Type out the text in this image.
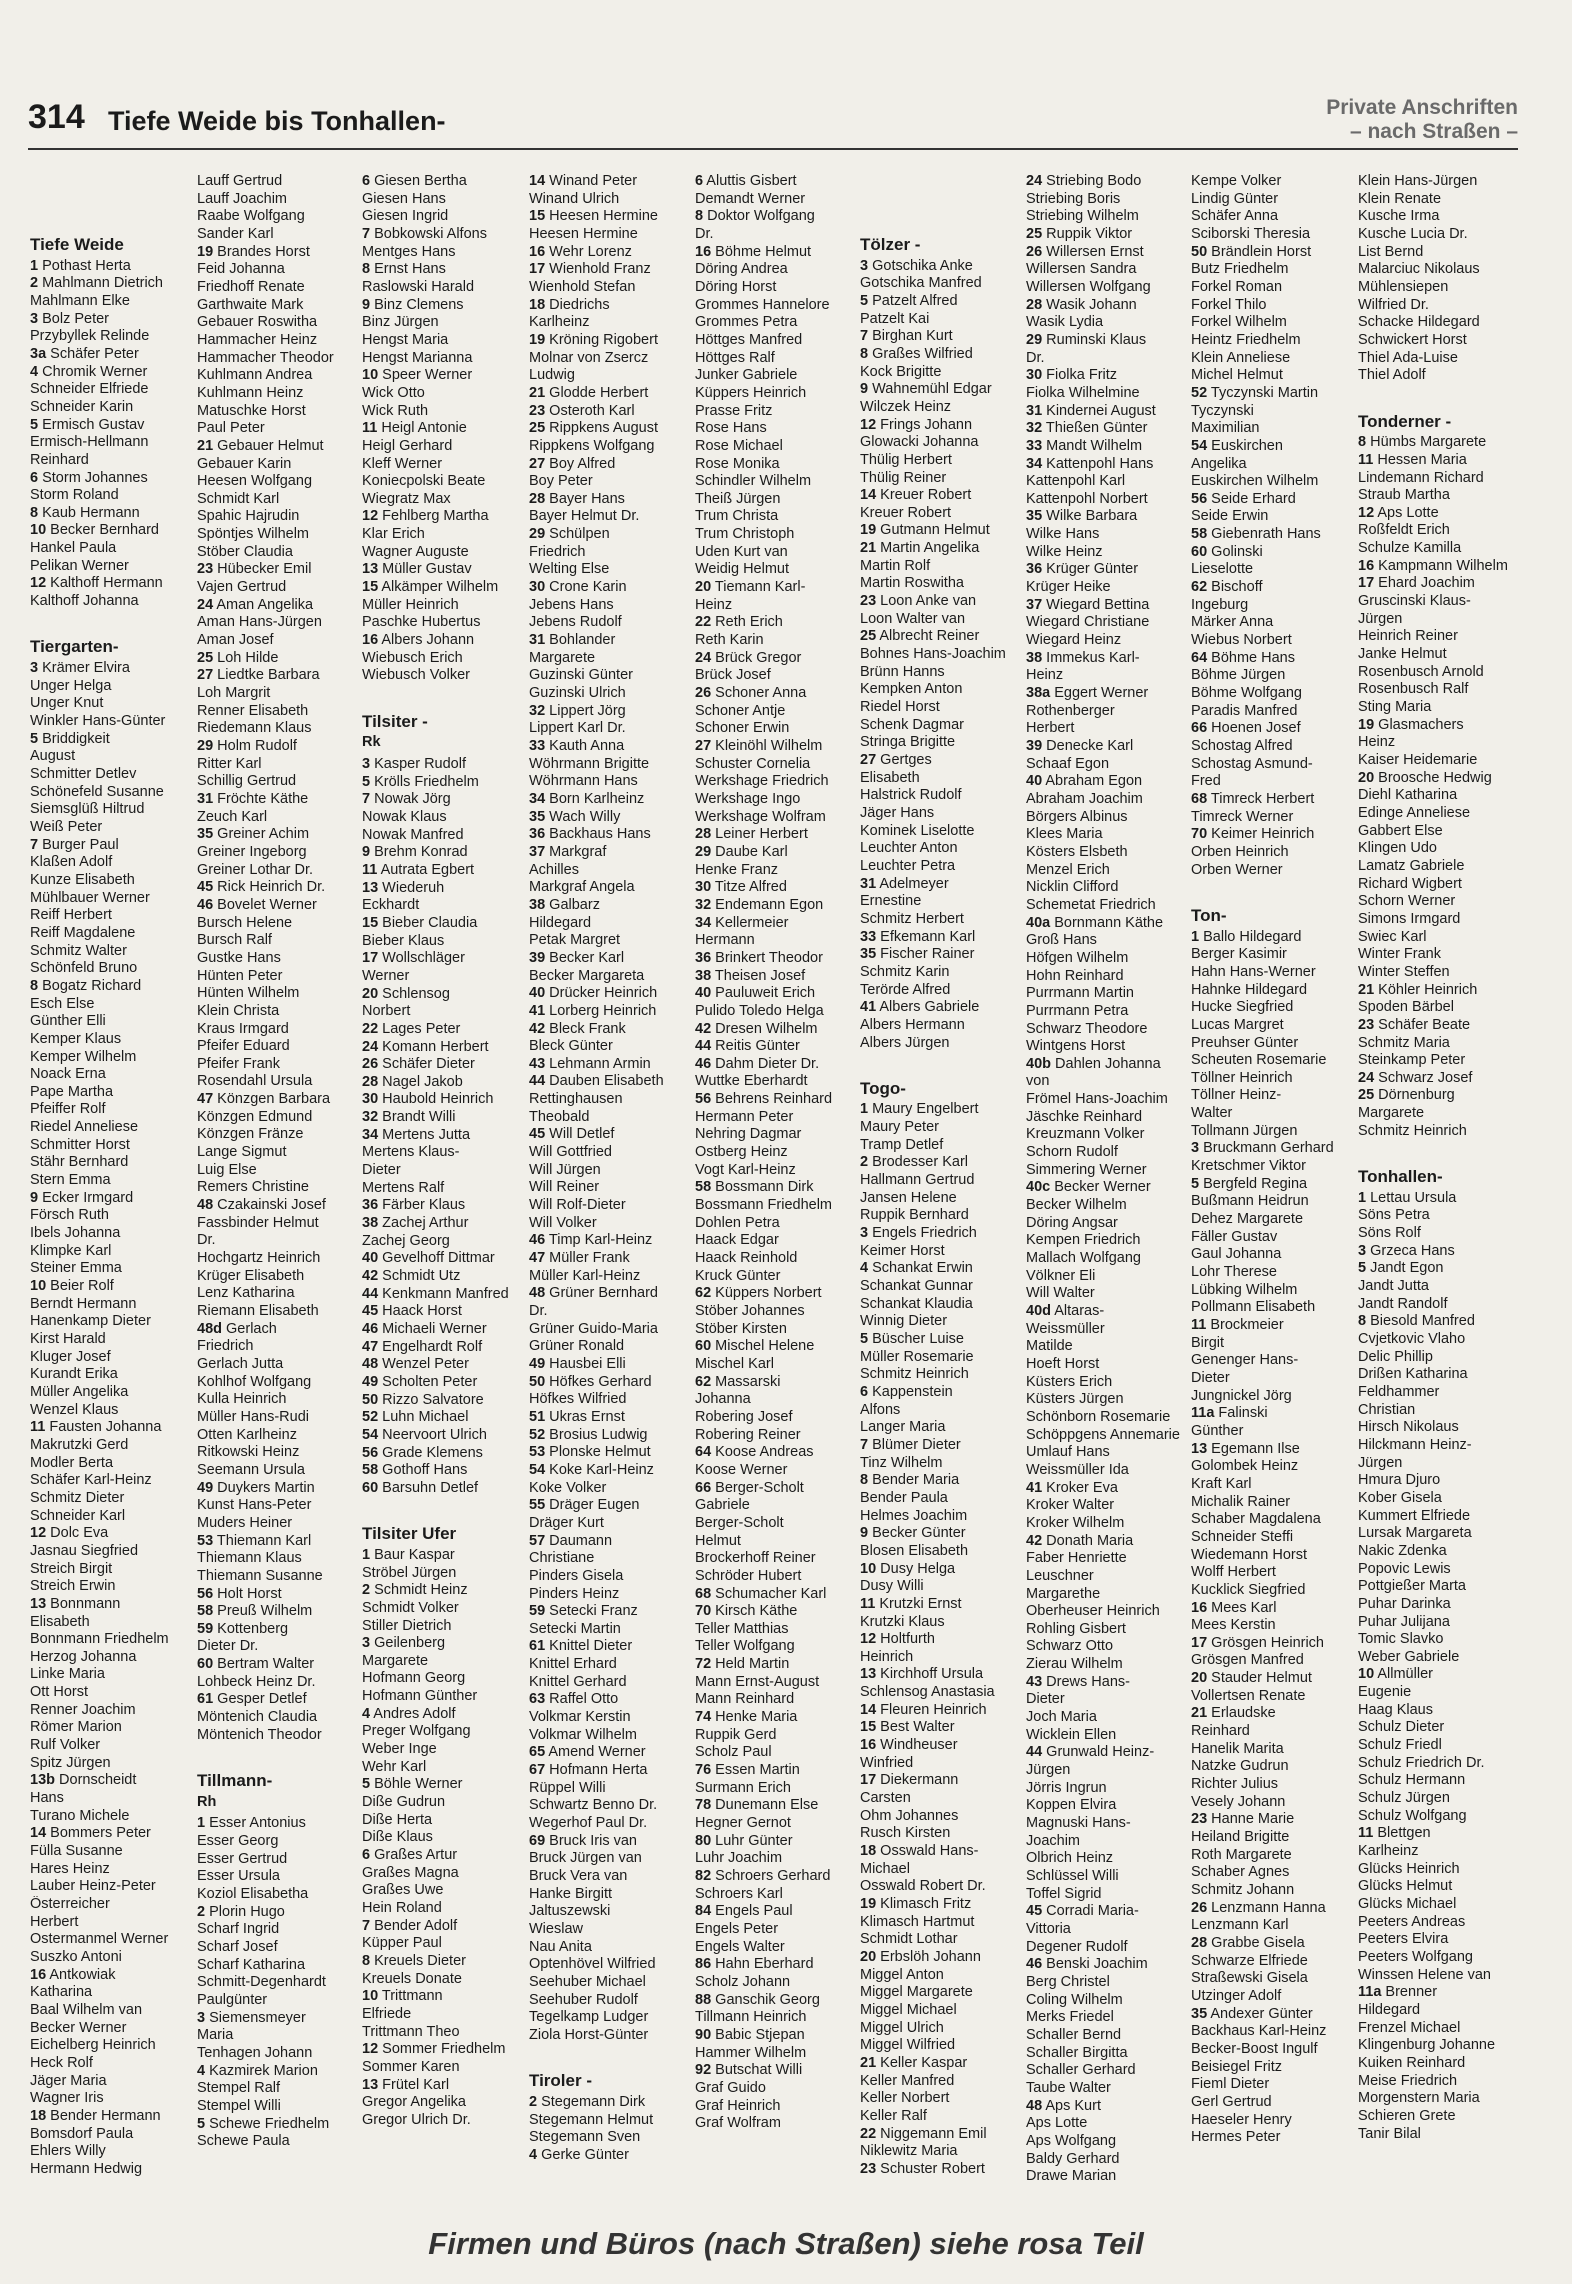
314 Tiefe Weide bis Tonhallen-	Private Anschriften
– nach Straßen –

Tiefe Weide
1 Pothast Herta
2 Mahlmann Dietrich
Mahlmann Elke
3 Bolz Peter
Przybyllek Relinde
3a Schäfer Peter
4 Chromik Werner
Schneider Elfriede
Schneider Karin
5 Ermisch Gustav
Ermisch-Hellmann
Reinhard
6 Storm Johannes
Storm Roland
8 Kaub Hermann
10 Becker Bernhard
Hankel Paula
Pelikan Werner
12 Kalthoff Hermann
Kalthoff Johanna

Tiergarten-
3 Krämer Elvira
Unger Helga
Unger Knut
Winkler Hans-Günter
5 Briddigkeit
August
Schmitter Detlev
Schönefeld Susanne
Siemsglüß Hiltrud
Weiß Peter
7 Burger Paul
Klaßen Adolf
Kunze Elisabeth
Mühlbauer Werner
Reiff Herbert
Reiff Magdalene
Schmitz Walter
Schönfeld Bruno
8 Bogatz Richard
Esch Else
Günther Elli
Kemper Klaus
Kemper Wilhelm
Noack Erna
Pape Martha
Pfeiffer Rolf
Riedel Anneliese
Schmitter Horst
Stähr Bernhard
Stern Emma
9 Ecker Irmgard
Försch Ruth
Ibels Johanna
Klimpke Karl
Steiner Emma
10 Beier Rolf
Berndt Hermann
Hanenkamp Dieter
Kirst Harald
Kluger Josef
Kurandt Erika
Müller Angelika
Wenzel Klaus
11 Fausten Johanna
Makrutzki Gerd
Modler Berta
Schäfer Karl-Heinz
Schmitz Dieter
Schneider Karl
12 Dolc Eva
Jasnau Siegfried
Streich Birgit
Streich Erwin
13 Bonnmann
Elisabeth
Bonnmann Friedhelm
Herzog Johanna
Linke Maria
Ott Horst
Renner Joachim
Römer Marion
Rulf Volker
Spitz Jürgen
13b Dornscheidt
Hans
Turano Michele
14 Bommers Peter
Fülla Susanne
Hares Heinz
Lauber Heinz-Peter
Österreicher
Herbert
Ostermanmel Werner
Suszko Antoni
16 Antkowiak
Katharina
Baal Wilhelm van
Becker Werner
Eichelberg Heinrich
Heck Rolf
Jäger Maria
Wagner Iris
18 Bender Hermann
Bomsdorf Paula
Ehlers Willy
Hermann Hedwig
Lauff Gertrud
Lauff Joachim
Raabe Wolfgang
Sander Karl
19 Brandes Horst
Feid Johanna
Friedhoff Renate
Garthwaite Mark
Gebauer Roswitha
Hammacher Heinz
Hammacher Theodor
Kuhlmann Andrea
Kuhlmann Heinz
Matuschke Horst
Paul Peter
21 Gebauer Helmut
Gebauer Karin
Heesen Wolfgang
Schmidt Karl
Spahic Hajrudin
Spöntjes Wilhelm
Stöber Claudia
23 Hübecker Emil
Vajen Gertrud
24 Aman Angelika
Aman Hans-Jürgen
Aman Josef
25 Loh Hilde
27 Liedtke Barbara
Loh Margrit
Renner Elisabeth
Riedemann Klaus
29 Holm Rudolf
Ritter Karl
Schillig Gertrud
31 Fröchte Käthe
Zeuch Karl
35 Greiner Achim
Greiner Ingeborg
Greiner Lothar Dr.
45 Rick Heinrich Dr.
46 Bovelet Werner
Bursch Helene
Bursch Ralf
Gustke Hans
Hünten Peter
Hünten Wilhelm
Klein Christa
Kraus Irmgard
Pfeifer Eduard
Pfeifer Frank
Rosendahl Ursula
47 Könzgen Barbara
Könzgen Edmund
Könzgen Fränze
Lange Sigmut
Luig Else
Remers Christine
48 Czakainski Josef
Fassbinder Helmut
Dr.
Hochgartz Heinrich
Krüger Elisabeth
Lenz Katharina
Riemann Elisabeth
48d Gerlach
Friedrich
Gerlach Jutta
Kohlhof Wolfgang
Kulla Heinrich
Müller Hans-Rudi
Otten Karlheinz
Ritkowski Heinz
Seemann Ursula
49 Duykers Martin
Kunst Hans-Peter
Muders Heiner
53 Thiemann Karl
Thiemann Klaus
Thiemann Susanne
56 Holt Horst
58 Preuß Wilhelm
59 Kottenberg
Dieter Dr.
60 Bertram Walter
Lohbeck Heinz Dr.
61 Gesper Detlef
Möntenich Claudia
Möntenich Theodor

Tillmann-
Rh
1 Esser Antonius
Esser Georg
Esser Gertrud
Esser Ursula
Koziol Elisabetha
2 Plorin Hugo
Scharf Ingrid
Scharf Josef
Scharf Katharina
Schmitt-Degenhardt
Paulgünter
3 Siemensmeyer
Maria
Tenhagen Johann
4 Kazmirek Marion
Stempel Ralf
Stempel Willi
5 Schewe Friedhelm
Schewe Paula
6 Giesen Bertha
Giesen Hans
Giesen Ingrid
7 Bobkowski Alfons
Mentges Hans
8 Ernst Hans
Raslowski Harald
9 Binz Clemens
Binz Jürgen
Hengst Maria
Hengst Marianna
10 Speer Werner
Wick Otto
Wick Ruth
11 Heigl Antonie
Heigl Gerhard
Kleff Werner
Koniecpolski Beate
Wiegratz Max
12 Fehlberg Martha
Klar Erich
Wagner Auguste
13 Müller Gustav
15 Alkämper Wilhelm
Müller Heinrich
Paschke Hubertus
16 Albers Johann
Wiebusch Erich
Wiebusch Volker

Tilsiter -
Rk
3 Kasper Rudolf
5 Krölls Friedhelm
7 Nowak Jörg
Nowak Klaus
Nowak Manfred
9 Brehm Konrad
11 Autrata Egbert
13 Wiederuh
Eckhardt
15 Bieber Claudia
Bieber Klaus
17 Wollschläger
Werner
20 Schlensog
Norbert
22 Lages Peter
24 Komann Herbert
26 Schäfer Dieter
28 Nagel Jakob
30 Haubold Heinrich
32 Brandt Willi
34 Mertens Jutta
Mertens Klaus-
Dieter
Mertens Ralf
36 Färber Klaus
38 Zachej Arthur
Zachej Georg
40 Gevelhoff Dittmar
42 Schmidt Utz
44 Kenkmann Manfred
45 Haack Horst
46 Michaeli Werner
47 Engelhardt Rolf
48 Wenzel Peter
49 Scholten Peter
50 Rizzo Salvatore
52 Luhn Michael
54 Neervoort Ulrich
56 Grade Klemens
58 Gothoff Hans
60 Barsuhn Detlef

Tilsiter Ufer
1 Baur Kaspar
Ströbel Jürgen
2 Schmidt Heinz
Schmidt Volker
Stiller Dietrich
3 Geilenberg
Margarete
Hofmann Georg
Hofmann Günther
4 Andres Adolf
Preger Wolfgang
Weber Inge
Wehr Karl
5 Böhle Werner
Diße Gudrun
Diße Herta
Diße Klaus
6 Graßes Artur
Graßes Magna
Graßes Uwe
Hein Roland
7 Bender Adolf
Küpper Paul
8 Kreuels Dieter
Kreuels Donate
10 Trittmann
Elfriede
Trittmann Theo
12 Sommer Friedhelm
Sommer Karen
13 Frütel Karl
Gregor Angelika
Gregor Ulrich Dr.
14 Winand Peter
Winand Ulrich
15 Heesen Hermine
Heesen Hermine
16 Wehr Lorenz
17 Wienhold Franz
Wienhold Stefan
18 Diedrichs
Karlheinz
19 Kröning Rigobert
Molnar von Zsercz
Ludwig
21 Glodde Herbert
23 Osteroth Karl
25 Rippkens August
Rippkens Wolfgang
27 Boy Alfred
Boy Peter
28 Bayer Hans
Bayer Helmut Dr.
29 Schülpen
Friedrich
Welting Else
30 Crone Karin
Jebens Hans
Jebens Rudolf
31 Bohlander
Margarete
Guzinski Günter
Guzinski Ulrich
32 Lippert Jörg
Lippert Karl Dr.
33 Kauth Anna
Wöhrmann Brigitte
Wöhrmann Hans
34 Born Karlheinz
35 Wach Willy
36 Backhaus Hans
37 Markgraf
Achilles
Markgraf Angela
38 Galbarz
Hildegard
Petak Margret
39 Becker Karl
Becker Margareta
40 Drücker Heinrich
41 Lorberg Heinrich
42 Bleck Frank
Bleck Günter
43 Lehmann Armin
44 Dauben Elisabeth
Rettinghausen
Theobald
45 Will Detlef
Will Gottfried
Will Jürgen
Will Reiner
Will Rolf-Dieter
Will Volker
46 Timp Karl-Heinz
47 Müller Frank
Müller Karl-Heinz
48 Grüner Bernhard
Dr.
Grüner Guido-Maria
Grüner Ronald
49 Hausbei Elli
50 Höfkes Gerhard
Höfkes Wilfried
51 Ukras Ernst
52 Brosius Ludwig
53 Plonske Helmut
54 Koke Karl-Heinz
Koke Volker
55 Dräger Eugen
Dräger Kurt
57 Daumann
Christiane
Pinders Gisela
Pinders Heinz
59 Setecki Franz
Setecki Martin
61 Knittel Dieter
Knittel Erhard
Knittel Gerhard
63 Raffel Otto
Volkmar Kerstin
Volkmar Wilhelm
65 Amend Werner
67 Hofmann Herta
Rüppel Willi
Schwartz Benno Dr.
Wegerhof Paul Dr.
69 Bruck Iris van
Bruck Jürgen van
Bruck Vera van
Hanke Birgitt
Jaltuszewski
Wieslaw
Nau Anita
Optenhövel Wilfried
Seehuber Michael
Seehuber Rudolf
Tegelkamp Ludger
Ziola Horst-Günter

Tiroler -
2 Stegemann Dirk
Stegemann Helmut
Stegemann Sven
4 Gerke Günter
6 Aluttis Gisbert
Demandt Werner
8 Doktor Wolfgang
Dr.
16 Böhme Helmut
Döring Andrea
Döring Horst
Grommes Hannelore
Grommes Petra
Höttges Manfred
Höttges Ralf
Junker Gabriele
Küppers Heinrich
Prasse Fritz
Rose Hans
Rose Michael
Rose Monika
Schindler Wilhelm
Theiß Jürgen
Trum Christa
Trum Christoph
Uden Kurt van
Weidig Helmut
20 Tiemann Karl-
Heinz
22 Reth Erich
Reth Karin
24 Brück Gregor
Brück Josef
26 Schoner Anna
Schoner Antje
Schoner Erwin
27 Kleinöhl Wilhelm
Schuster Cornelia
Werkshage Friedrich
Werkshage Ingo
Werkshage Wolfram
28 Leiner Herbert
29 Daube Karl
Henke Franz
30 Titze Alfred
32 Endemann Egon
34 Kellermeier
Hermann
36 Brinkert Theodor
38 Theisen Josef
40 Pauluweit Erich
Pulido Toledo Helga
42 Dresen Wilhelm
44 Reitis Günter
46 Dahm Dieter Dr.
Wuttke Eberhardt
56 Behrens Reinhard
Hermann Peter
Nehring Dagmar
Ostberg Heinz
Vogt Karl-Heinz
58 Bossmann Dirk
Bossmann Friedhelm
Dohlen Petra
Haack Edgar
Haack Reinhold
Kruck Günter
62 Küppers Norbert
Stöber Johannes
Stöber Kirsten
60 Mischel Helene
Mischel Karl
62 Massarski
Johanna
Robering Josef
Robering Reiner
64 Koose Andreas
Koose Werner
66 Berger-Scholt
Gabriele
Berger-Scholt
Helmut
Brockerhoff Reiner
Schröder Hubert
68 Schumacher Karl
70 Kirsch Käthe
Teller Matthias
Teller Wolfgang
72 Held Martin
Mann Ernst-August
Mann Reinhard
74 Henke Maria
Ruppik Gerd
Scholz Paul
76 Essen Martin
Surmann Erich
78 Dunemann Else
Hegner Gernot
80 Luhr Günter
Luhr Joachim
82 Schroers Gerhard
Schroers Karl
84 Engels Paul
Engels Peter
Engels Walter
86 Hahn Eberhard
Scholz Johann
88 Ganschik Georg
Tillmann Heinrich
90 Babic Stjepan
Hammer Wilhelm
92 Butschat Willi
Graf Guido
Graf Heinrich
Graf Wolfram

Tölzer -
3 Gotschika Anke
Gotschika Manfred
5 Patzelt Alfred
Patzelt Kai
7 Birghan Kurt
8 Graßes Wilfried
Kock Brigitte
9 Wahnemühl Edgar
Wilczek Heinz
12 Frings Johann
Glowacki Johanna
Thülig Herbert
Thülig Reiner
14 Kreuer Robert
Kreuer Robert
19 Gutmann Helmut
21 Martin Angelika
Martin Rolf
Martin Roswitha
23 Loon Anke van
Loon Walter van
25 Albrecht Reiner
Bohnes Hans-Joachim
Brünn Hanns
Kempken Anton
Riedel Horst
Schenk Dagmar
Stringa Brigitte
27 Gertges
Elisabeth
Halstrick Rudolf
Jäger Hans
Kominek Liselotte
Leuchter Anton
Leuchter Petra
31 Adelmeyer
Ernestine
Schmitz Herbert
33 Efkemann Karl
35 Fischer Rainer
Schmitz Karin
Terörde Alfred
41 Albers Gabriele
Albers Hermann
Albers Jürgen

Togo-
1 Maury Engelbert
Maury Peter
Tramp Detlef
2 Brodesser Karl
Hallmann Gertrud
Jansen Helene
Ruppik Bernhard
3 Engels Friedrich
Keimer Horst
4 Schankat Erwin
Schankat Gunnar
Schankat Klaudia
Winnig Dieter
5 Büscher Luise
Müller Rosemarie
Schmitz Heinrich
6 Kappenstein
Alfons
Langer Maria
7 Blümer Dieter
Tinz Wilhelm
8 Bender Maria
Bender Paula
Helmes Joachim
9 Becker Günter
Blosen Elisabeth
10 Dusy Helga
Dusy Willi
11 Krutzki Ernst
Krutzki Klaus
12 Holtfurth
Heinrich
13 Kirchhoff Ursula
Schlensog Anastasia
14 Fleuren Heinrich
15 Best Walter
16 Windheuser
Winfried
17 Diekermann
Carsten
Ohm Johannes
Rusch Kirsten
18 Osswald Hans-
Michael
Osswald Robert Dr.
19 Klimasch Fritz
Klimasch Hartmut
Schmidt Lothar
20 Erbslöh Johann
Miggel Anton
Miggel Margarete
Miggel Michael
Miggel Ulrich
Miggel Wilfried
21 Keller Kaspar
Keller Manfred
Keller Norbert
Keller Ralf
22 Niggemann Emil
Niklewitz Maria
23 Schuster Robert
24 Striebing Bodo
Striebing Boris
Striebing Wilhelm
25 Ruppik Viktor
26 Willersen Ernst
Willersen Sandra
Willersen Wolfgang
28 Wasik Johann
Wasik Lydia
29 Ruminski Klaus
Dr.
30 Fiolka Fritz
Fiolka Wilhelmine
31 Kindernei August
32 Thießen Günter
33 Mandt Wilhelm
34 Kattenpohl Hans
Kattenpohl Karl
Kattenpohl Norbert
35 Wilke Barbara
Wilke Hans
Wilke Heinz
36 Krüger Günter
Krüger Heike
37 Wiegard Bettina
Wiegard Christiane
Wiegard Heinz
38 Immekus Karl-
Heinz
38a Eggert Werner
Rothenberger
Herbert
39 Denecke Karl
Schaaf Egon
40 Abraham Egon
Abraham Joachim
Börgers Albinus
Klees Maria
Kösters Elsbeth
Menzel Erich
Nicklin Clifford
Schemetat Friedrich
40a Bornmann Käthe
Groß Hans
Höfgen Wilhelm
Hohn Reinhard
Purrmann Martin
Purrmann Petra
Schwarz Theodore
Wintgens Horst
40b Dahlen Johanna
von
Frömel Hans-Joachim
Jäschke Reinhard
Kreuzmann Volker
Schorn Rudolf
Simmering Werner
40c Becker Werner
Becker Wilhelm
Döring Angsar
Kempen Friedrich
Mallach Wolfgang
Völkner Eli
Will Walter
40d Altaras-
Weissmüller
Matilde
Hoeft Horst
Küsters Erich
Küsters Jürgen
Schönborn Rosemarie
Schöppgens Annemarie
Umlauf Hans
Weissmüller Ida
41 Kroker Eva
Kroker Walter
Kroker Wilhelm
42 Donath Maria
Faber Henriette
Leuschner
Margarethe
Oberheuser Heinrich
Rohling Gisbert
Schwarz Otto
Zierau Wilhelm
43 Drews Hans-
Dieter
Joch Maria
Wicklein Ellen
44 Grunwald Heinz-
Jürgen
Jörris Ingrun
Koppen Elvira
Magnuski Hans-
Joachim
Olbrich Heinz
Schlüssel Willi
Toffel Sigrid
45 Corradi Maria-
Vittoria
Degener Rudolf
46 Benski Joachim
Berg Christel
Coling Wilhelm
Merks Friedel
Schaller Bernd
Schaller Birgitta
Schaller Gerhard
Taube Walter
48 Aps Kurt
Aps Lotte
Aps Wolfgang
Baldy Gerhard
Drawe Marian
Kempe Volker
Lindig Günter
Schäfer Anna
Sciborski Theresia
50 Brändlein Horst
Butz Friedhelm
Forkel Roman
Forkel Thilo
Forkel Wilhelm
Heintz Friedhelm
Klein Anneliese
Michel Helmut
52 Tyczynski Martin
Tyczynski
Maximilian
54 Euskirchen
Angelika
Euskirchen Wilhelm
56 Seide Erhard
Seide Erwin
58 Giebenrath Hans
60 Golinski
Lieselotte
62 Bischoff
Ingeburg
Märker Anna
Wiebus Norbert
64 Böhme Hans
Böhme Jürgen
Böhme Wolfgang
Paradis Manfred
66 Hoenen Josef
Schostag Alfred
Schostag Asmund-
Fred
68 Timreck Herbert
Timreck Werner
70 Keimer Heinrich
Orben Heinrich
Orben Werner

Ton-
1 Ballo Hildegard
Berger Kasimir
Hahn Hans-Werner
Hahnke Hildegard
Hucke Siegfried
Lucas Margret
Preuhser Günter
Scheuten Rosemarie
Töllner Heinrich
Töllner Heinz-
Walter
Tollmann Jürgen
3 Bruckmann Gerhard
Kretschmer Viktor
5 Bergfeld Regina
Bußmann Heidrun
Dehez Margarete
Fäller Gustav
Gaul Johanna
Lohr Therese
Lübking Wilhelm
Pollmann Elisabeth
11 Brockmeier
Birgit
Genenger Hans-
Dieter
Jungnickel Jörg
11a Falinski
Günther
13 Egemann Ilse
Golombek Heinz
Kraft Karl
Michalik Rainer
Schaber Magdalena
Schneider Steffi
Wiedemann Horst
Wolff Herbert
Kucklick Siegfried
16 Mees Karl
Mees Kerstin
17 Grösgen Heinrich
Grösgen Manfred
20 Stauder Helmut
Vollertsen Renate
21 Erlaudske
Reinhard
Hanelik Marita
Natzke Gudrun
Richter Julius
Vesely Johann
23 Hanne Marie
Heiland Brigitte
Roth Margarete
Schaber Agnes
Schmitz Johann
26 Lenzmann Hanna
Lenzmann Karl
28 Grabbe Gisela
Schwarze Elfriede
Straßewski Gisela
Utzinger Adolf
35 Andexer Günter
Backhaus Karl-Heinz
Becker-Boost Ingulf
Beisiegel Fritz
Fieml Dieter
Gerl Gertrud
Haeseler Henry
Hermes Peter
Klein Hans-Jürgen
Klein Renate
Kusche Irma
Kusche Lucia Dr.
List Bernd
Malarciuc Nikolaus
Mühlensiepen
Wilfried Dr.
Schacke Hildegard
Schwickert Horst
Thiel Ada-Luise
Thiel Adolf

Tonderner -
8 Hümbs Margarete
11 Hessen Maria
Lindemann Richard
Straub Martha
12 Aps Lotte
Roßfeldt Erich
Schulze Kamilla
16 Kampmann Wilhelm
17 Ehard Joachim
Gruscinski Klaus-
Jürgen
Heinrich Reiner
Janke Helmut
Rosenbusch Arnold
Rosenbusch Ralf
Sting Maria
19 Glasmachers
Heinz
Kaiser Heidemarie
20 Broosche Hedwig
Diehl Katharina
Edinge Anneliese
Gabbert Else
Klingen Udo
Lamatz Gabriele
Richard Wigbert
Schorn Werner
Simons Irmgard
Swiec Karl
Winter Frank
Winter Steffen
21 Köhler Heinrich
Spoden Bärbel
23 Schäfer Beate
Schmitz Maria
Steinkamp Peter
24 Schwarz Josef
25 Dörnenburg
Margarete
Schmitz Heinrich

Tonhallen-
1 Lettau Ursula
Söns Petra
Söns Rolf
3 Grzeca Hans
5 Jandt Egon
Jandt Jutta
Jandt Randolf
8 Biesold Manfred
Cvjetkovic Vlaho
Delic Phillip
Drißen Katharina
Feldhammer
Christian
Hirsch Nikolaus
Hilckmann Heinz-
Jürgen
Hmura Djuro
Kober Gisela
Kummert Elfriede
Lursak Margareta
Nakic Zdenka
Popovic Lewis
Pottgießer Marta
Puhar Darinka
Puhar Julijana
Tomic Slavko
Weber Gabriele
10 Allmüller
Eugenie
Haag Klaus
Schulz Dieter
Schulz Friedl
Schulz Friedrich Dr.
Schulz Hermann
Schulz Jürgen
Schulz Wolfgang
11 Blettgen
Karlheinz
Glücks Heinrich
Glücks Helmut
Glücks Michael
Peeters Andreas
Peeters Elvira
Peeters Wolfgang
Winssen Helene van
11a Brenner
Hildegard
Frenzel Michael
Klingenburg Johanne
Kuiken Reinhard
Meise Friedrich
Morgenstern Maria
Schieren Grete
Tanir Bilal
Firmen und Büros (nach Straßen) siehe rosa Teil
